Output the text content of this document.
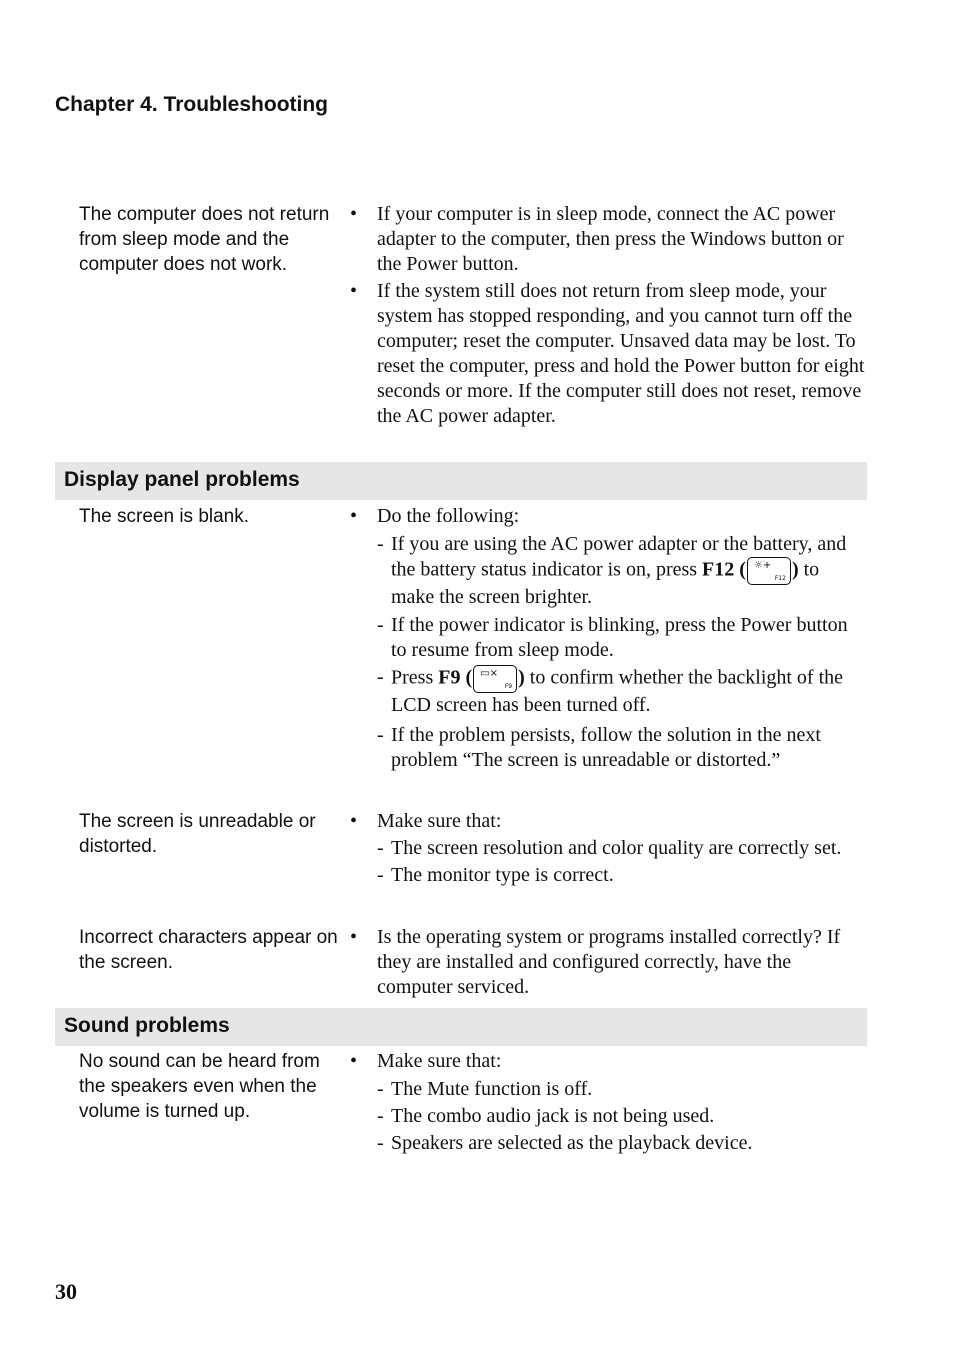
Chapter 4. Troubleshooting
The computer does not return from sleep mode and the computer does not work.
• If your computer is in sleep mode, connect the AC power adapter to the computer, then press the Windows button or the Power button.
• If the system still does not return from sleep mode, your system has stopped responding, and you cannot turn off the computer; reset the computer. Unsaved data may be lost. To reset the computer, press and hold the Power button for eight seconds or more. If the computer still does not reset, remove the AC power adapter.
Display panel problems
The screen is blank.	• Do the following:
- If you are using the AC power adapter or the battery, and the battery status indicator is on, press F12 ( ☼+
F12 ) to make the screen brighter.
- If the power indicator is blinking, press the Power button to resume from sleep mode.
- Press F9 ( ▭×
F9 ) to confirm whether the backlight of the LCD screen has been turned off.
- If the problem persists, follow the solution in the next problem “The screen is unreadable or distorted.”
The screen is unreadable or distorted.
• Make sure that:
- The screen resolution and color quality are correctly set.
- The monitor type is correct.
Incorrect characters appear on the screen.
• Is the operating system or programs installed correctly? If they are installed and configured correctly, have the computer serviced.
Sound problems
No sound can be heard from the speakers even when the volume is turned up.
• Make sure that:
- The Mute function is off.
- The combo audio jack is not being used.
- Speakers are selected as the playback device.
30
